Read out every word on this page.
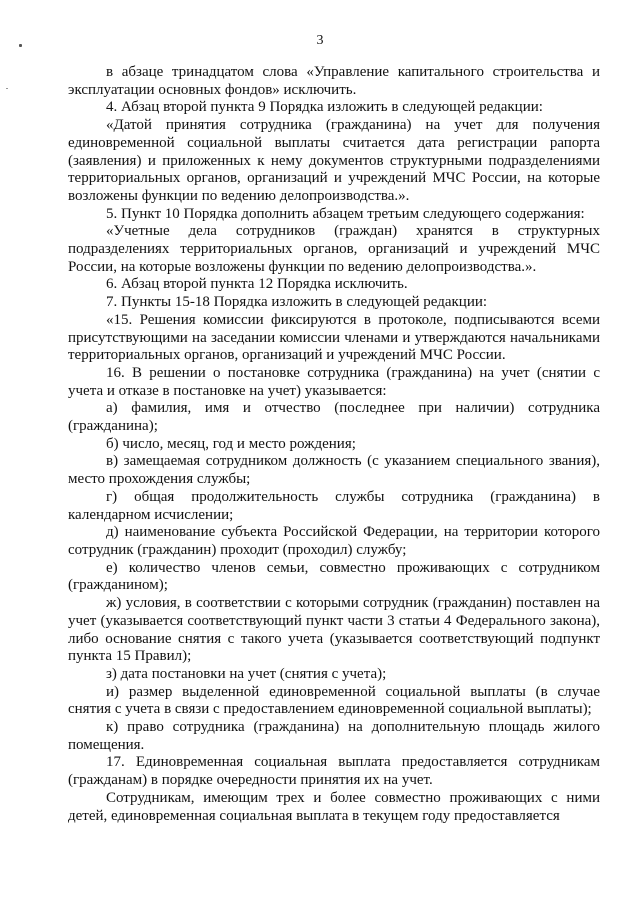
3

в абзаце тринадцатом слова «Управление капитального строительства и эксплуатации основных фондов» исключить.

4. Абзац второй пункта 9 Порядка изложить в следующей редакции:

«Датой принятия сотрудника (гражданина) на учет для получения единовременной социальной выплаты считается дата регистрации рапорта (заявления) и приложенных к нему документов структурными подразделениями территориальных органов, организаций и учреждений МЧС России, на которые возложены функции по ведению делопроизводства.».

5. Пункт 10 Порядка дополнить абзацем третьим следующего содержания:

«Учетные дела сотрудников (граждан) хранятся в структурных подразделениях территориальных органов, организаций и учреждений МЧС России, на которые возложены функции по ведению делопроизводства.».

6. Абзац второй пункта 12 Порядка исключить.

7. Пункты 15-18 Порядка изложить в следующей редакции:

«15. Решения комиссии фиксируются в протоколе, подписываются всеми присутствующими на заседании комиссии членами и утверждаются начальниками территориальных органов, организаций и учреждений МЧС России.

16. В решении о постановке сотрудника (гражданина) на учет (снятии с учета и отказе в постановке на учет) указывается:

а) фамилия, имя и отчество (последнее при наличии) сотрудника (гражданина);

б) число, месяц, год и место рождения;

в) замещаемая сотрудником должность (с указанием специального звания), место прохождения службы;

г) общая продолжительность службы сотрудника (гражданина) в календарном исчислении;

д) наименование субъекта Российской Федерации, на территории которого сотрудник (гражданин) проходит (проходил) службу;

е) количество членов семьи, совместно проживающих с сотрудником (гражданином);

ж) условия, в соответствии с которыми сотрудник (гражданин) поставлен на учет (указывается соответствующий пункт части 3 статьи 4 Федерального закона), либо основание снятия с такого учета (указывается соответствующий подпункт пункта 15 Правил);

з) дата постановки на учет (снятия с учета);

и) размер выделенной единовременной социальной выплаты (в случае снятия с учета в связи с предоставлением единовременной социальной выплаты);

к) право сотрудника (гражданина) на дополнительную площадь жилого помещения.

17. Единовременная социальная выплата предоставляется сотрудникам (гражданам) в порядке очередности принятия их на учет.

Сотрудникам, имеющим трех и более совместно проживающих с ними детей, единовременная социальная выплата в текущем году предоставляется
